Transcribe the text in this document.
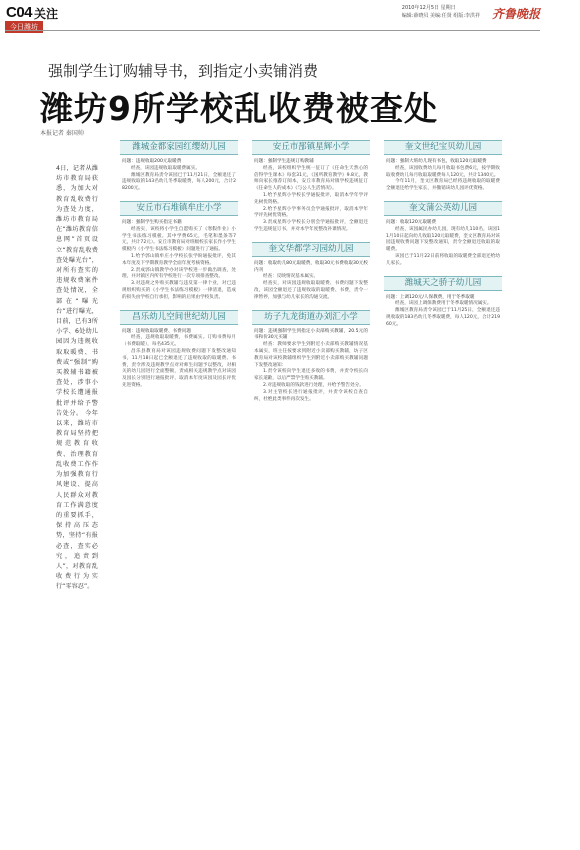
C04 关注
今日潍坊
2010年12月5日 星期日
编辑:薛晓贝 美编:任贤 组版:李洪祥 齐鲁晚报
强制学生订购辅导书，到指定小卖铺消费
潍坊9所学校乱收费被查处
本报记者 秦国帅
4日，记者从潍坊市教育局获悉，为加大对教育乱收费行为查处力度，潍坊市教育局在“潍坊教育信息网”首页设立“教育乱收费查处曝光台”，对所有查实的违规收费案件查处情况，全部在“曝光台”进行曝光，目前，已有3所小学、6处幼儿园因为违规收取取暖费、书费或“强制”购买教辅书籍被查处，涉事小学校长遭通报批评并给予警告处分。 今年以来，潍坊市教育局坚持把规范教育收费、治理教育乱收费工作作为加强教育行风建设、提高人民群众对教育工作满意度的重要抓手，保持高压态势，坚持“有报必查，查实必究，追责到人”，对教育乱收费行为实行“零容忍”。
潍城金都家园红缨幼儿园

问题：违规收取200元取暖费

经查，该园违规收取取暖费属实。

潍城区教育局责令该园已于11月21日，全额退还了违规收取的143名幼儿冬季取暖费，每人200元，合计28200元。

安丘市石堆镇牟庄小学

问题：强制学生购买指定书籍

经查实，该校将小学生自愿购买了《寒假作业》小学生书法练习模板。其中学费65元，毛笔和墨条等7元，共计72元）。安丘市教育局对班级校长家长作小学生模板内（小学生书法练习模板）问题进行了通报。

1.给予郭山镇牟庄小学校长张学盼通报批评，免其本年度及下学期教育教学全面年度考核资格。

2.责成郭山镇教学办对该学校进一步做出调查，处理，并对镇区内所有学校进行一次专项排查整改。

3.对违规之外购买教辅与违反第一律个业，对已违规组织购买的《小学生书法练习模板》一律清退，造成的损失由学校自行承担，影响的后果由学校负责。

昌乐幼儿空间世纪幼儿园

问题：违规收取取暖费、书费问题

经查，违规收取取暖费，书费属实。订购书费每月（书费取暖），每名435元。

昌乐县教育局对该园违规收费问题下发整改通知书，11月18日起已全额退还了违规收取的取暖费、书费，责令涉及违规教学点对对师生问题予以整改，对相关的幼儿园进行全面整顿，责成相关违规教学点对该园及园长分别进行通报批评，取消本年度该园及园长评优先进资格。

安丘市郚镇星辉小学

问题：强制学生违规订购教辅

经查，该校组织学生统一征订了《任命生天然心的倍得学生课本》每套31元，《国所教育教学》9.8元，教师向家长推荐订阅本，安丘市教育局对镇学校违规征订《任命生人的成本》《与公人生活情况》。

1.给予星辉小学校长学通报批评，取消本学年学评先树优资格。

2.给予星辉小学事务员会学通报批评，取消本学年学评先树优资格。

3.责成星辉小学校长分别会学通报批评，全额退还学生违规征订书，并对本学年度整改补课情况。

奎文华都学习园幼儿园

问题：收取幼儿80元取暖费，收取30元书费收取30元校内刊

经查：反映情况基本属实。

经查实，对该园违规收取取暖费、书费问题下发整改，该园全额退还了违规收取的取暖费、书费，责令一律暂停，加强与幼儿家长的沟通交流。

坊子九龙街道办刘汇小学

问题：违规强制学生到指定小卖部购买教辅，20.5元的书和价30元买辅

经查：教师要求学生到附近小卖部购买教辅情况基本属实，班主任按要求到附近小卖部购买教辅，坊子区教育局对该校教辅组织学生到附近小卖部购买教辅问题下发整改通知：

1.责令该校向学生退还多收的书费，并责令校长向家长道歉，以后严禁学生购买教辅。

2.对违规收取的钱款进行处理，并给予警告处分。

3.对主管校长进行通报批评，并责令该校自查自纠，杜绝此类事件再次发生。

奎文世纪宝贝幼儿园

问题：强制大班幼儿现有书包，收取120元取暖费

经查，该园收费幼儿每月收取书包费6元，按学期收取收费幼儿每月收取取暖费每人120元，共计1340元。

今年11月，奎文区教育局已经将违规收取的取暖费全额退还给学生家长，并撤销该幼儿园评优资格。

奎文蒲公英幼儿园

问题：收取120元取暖费

经查，该园属民办幼儿园，现有幼儿110名，该园11月10日起向幼儿收取120元取暖费，奎文区教育局对该园违规收费问题下发整改通知，责令全额退还收取的取暖费。

该园已于11月22日前将收取的取暖费全部退还给幼儿家长。

潍城天之骄子幼儿园

问题：上调120元/人保教费，用于冬季取暖

经查，该园上调保教费用于冬季取暖情况属实。

潍城区教育局责令该园已于11月25日，全额退还违规收取的183名幼儿冬季取暖费，每人120元，合计21960元。
